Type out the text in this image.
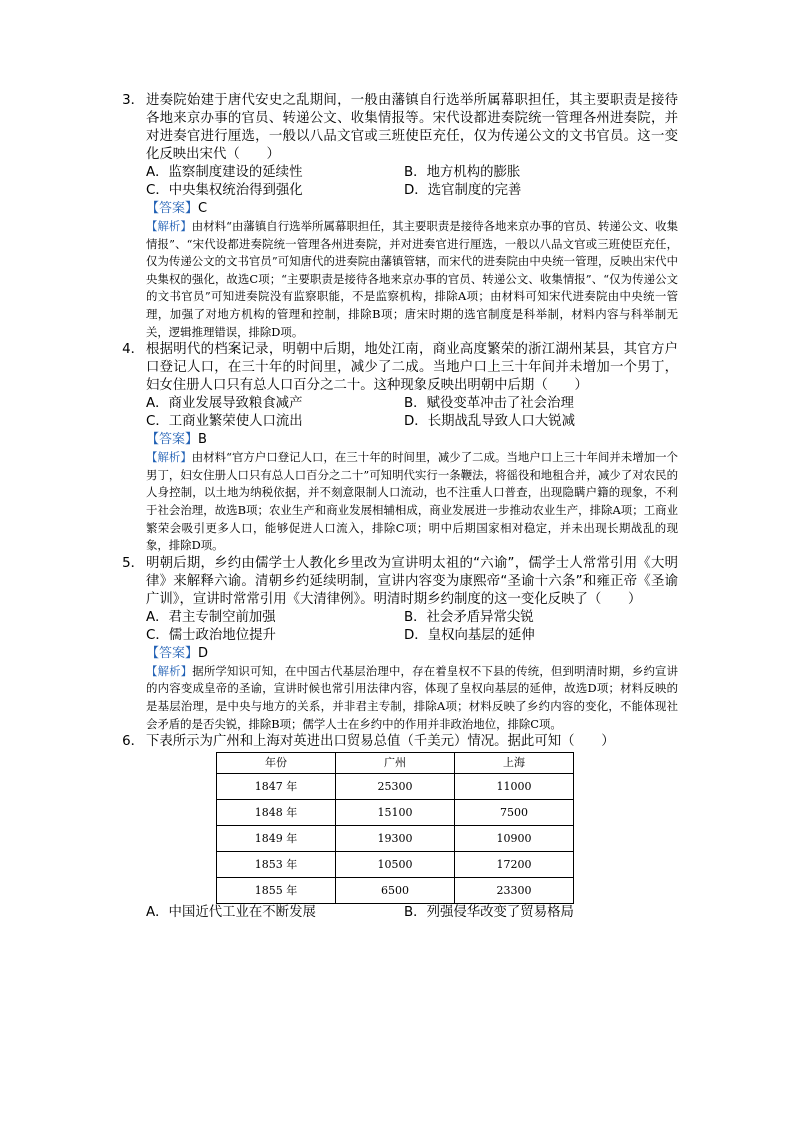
3． 进奏院始建于唐代安史之乱期间，一般由藩镇自行选举所属幕职担任，其主要职责是接待各地来京办事的官员、转递公文、收集情报等。宋代设都进奏院统一管理各州进奏院，并对进奏官进行厘选，一般以八品文官或三班使臣充任，仅为传递公文的文书官员。这一变化反映出宋代（　　）
A．监察制度建设的延续性	B．地方机构的膨胀
C．中央集权统治得到强化	D．选官制度的完善
【答案】C
【解析】由材料“由藩镇自行选举所属幕职担任，其主要职责是接待各地来京办事的官员、转递公文、收集情报”、“宋代设都进奏院统一管理各州进奏院，并对进奏官进行厘选，一般以八品文官或三班使臣充任，仅为传递公文的文书官员”可知唐代的进奏院由藩镇管辖，而宋代的进奏院由中央统一管理，反映出宋代中央集权的强化，故选C项；“主要职责是接待各地来京办事的官员、转递公文、收集情报”、“仅为传递公文的文书官员”可知进奏院没有监察职能，不是监察机构，排除A项；由材料可知宋代进奏院由中央统一管理，加强了对地方机构的管理和控制，排除B项；唐宋时期的选官制度是科举制，材料内容与科举制无关，逻辑推理错误，排除D项。
4． 根据明代的档案记录，明朝中后期，地处江南，商业高度繁荣的浙江湖州某县，其官方户口登记人口，在三十年的时间里，减少了二成。当地户口上三十年间并未增加一个男丁，妇女住册人口只有总人口百分之二十。这种现象反映出明朝中后期（　　）
A．商业发展导致粮食减产	B．赋役变革冲击了社会治理
C．工商业繁荣使人口流出	D．长期战乱导致人口大锐减
【答案】B
【解析】由材料“官方户口登记人口，在三十年的时间里，减少了二成。当地户口上三十年间并未增加一个男丁，妇女住册人口只有总人口百分之二十”可知明代实行一条鞭法，将徭役和地租合并，减少了对农民的人身控制，以土地为纳税依据，并不刻意限制人口流动，也不注重人口普查，出现隐瞒户籍的现象，不利于社会治理，故选B项；农业生产和商业发展相辅相成，商业发展进一步推动农业生产，排除A项；工商业繁荣会吸引更多人口，能够促进人口流入，排除C项；明中后期国家相对稳定，并未出现长期战乱的现象，排除D项。
5． 明朝后期，乡约由儒学士人教化乡里改为宣讲明太祖的“六谕”，儒学士人常常引用《大明律》来解释六谕。清朝乡约延续明制，宣讲内容变为康熙帝“圣谕十六条”和雍正帝《圣谕广训》，宣讲时常常引用《大清律例》。明清时期乡约制度的这一变化反映了（　　）
A．君主专制空前加强	B．社会矛盾异常尖锐
C．儒士政治地位提升	D．皇权向基层的延伸
【答案】D
【解析】据所学知识可知，在中国古代基层治理中，存在着皇权不下县的传统，但到明清时期，乡约宣讲的内容变成皇帝的圣谕，宣讲时候也常引用法律内容，体现了皇权向基层的延伸，故选D项；材料反映的是基层治理，是中央与地方的关系，并非君主专制，排除A项；材料反映了乡约内容的变化，不能体现社会矛盾的是否尖锐，排除B项；儒学人士在乡约中的作用并非政治地位，排除C项。
6． 下表所示为广州和上海对英进出口贸易总值（千美元）情况。据此可知（　　）
年份	广州	上海
1847 年	25300	11000
1848 年	15100	7500
1849 年	19300	10900
1853 年	10500	17200
1855 年	6500	23300
A．中国近代工业在不断发展	B．列强侵华改变了贸易格局
